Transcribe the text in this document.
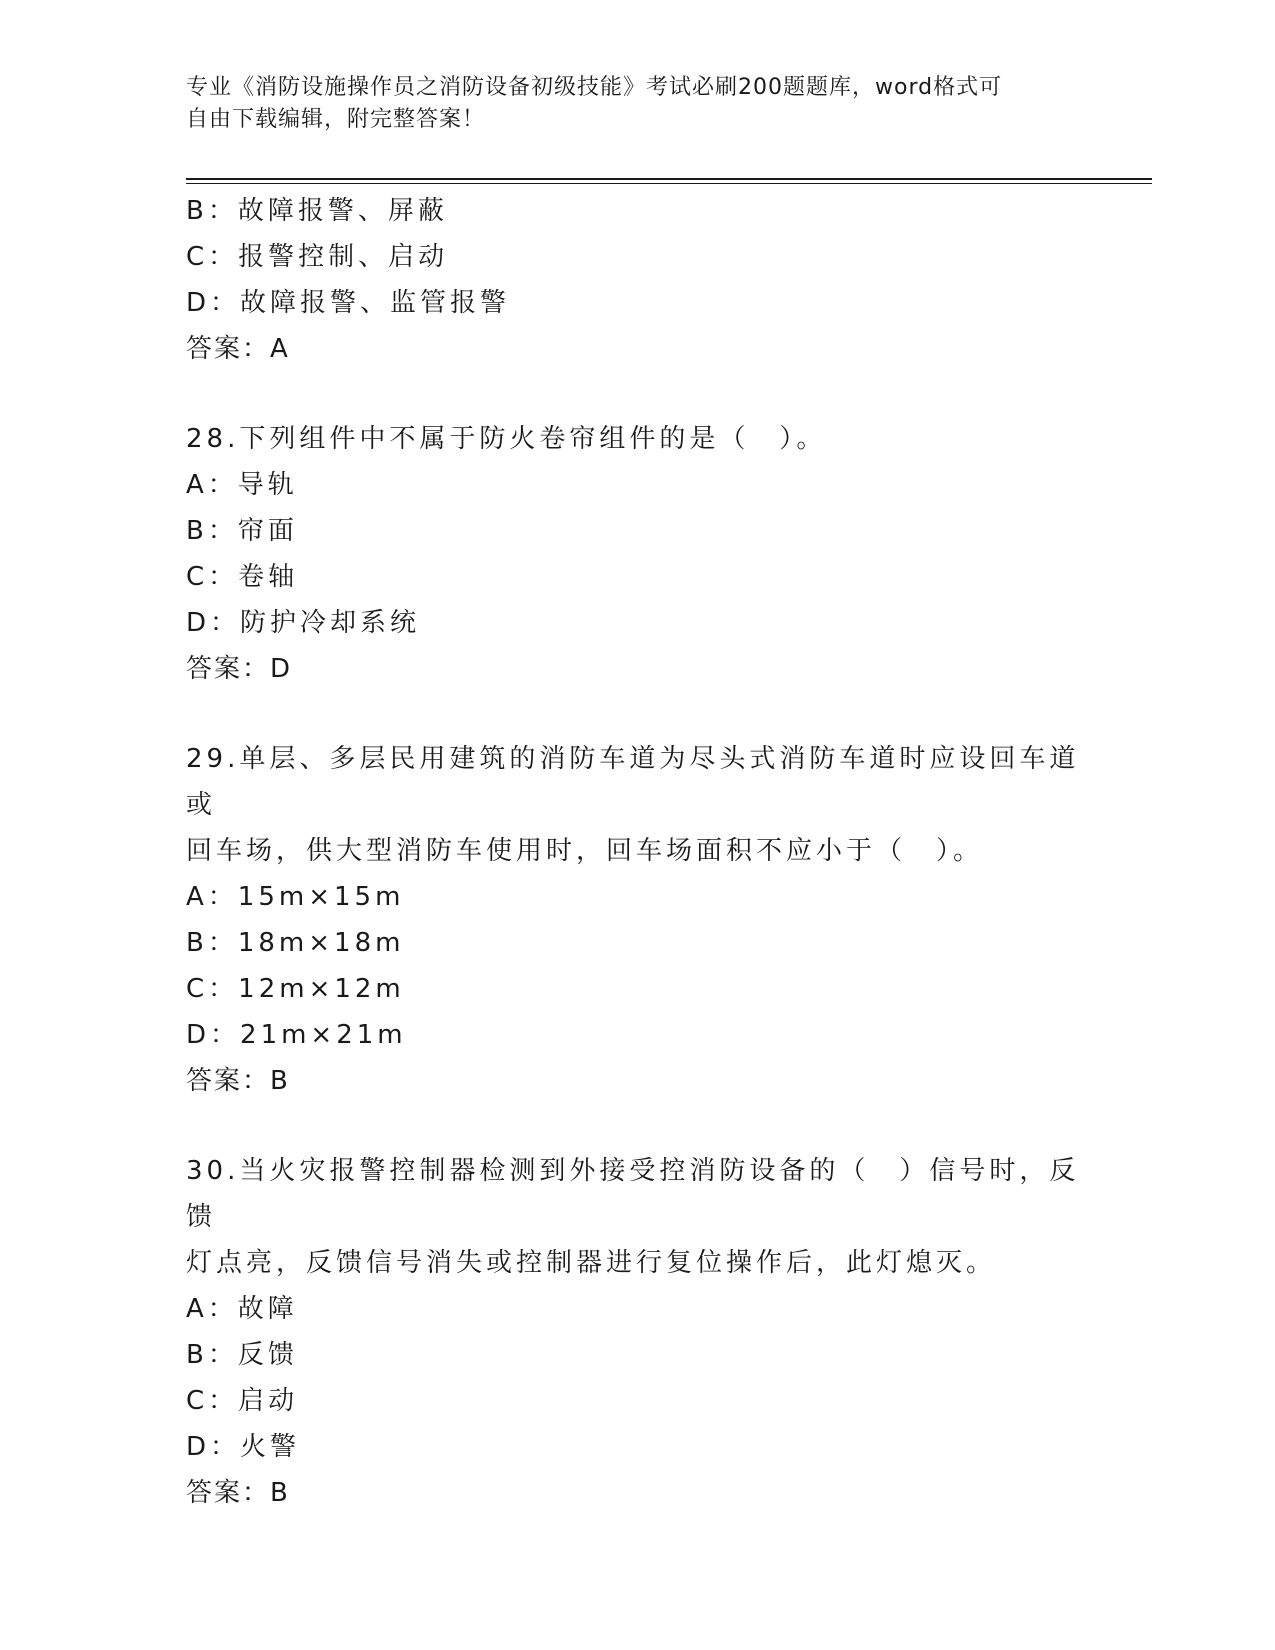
专业《消防设施操作员之消防设备初级技能》考试必刷200题题库，word格式可
自由下载编辑，附完整答案！
B：故障报警、屏蔽
C：报警控制、启动
D：故障报警、监管报警
答案：A
28.下列组件中不属于防火卷帘组件的是（　）。
A：导轨
B：帘面
C：卷轴
D：防护冷却系统
答案：D
29.单层、多层民用建筑的消防车道为尽头式消防车道时应设回车道或
回车场，供大型消防车使用时，回车场面积不应小于（　）。
A：15m×15m
B：18m×18m
C：12m×12m
D：21m×21m
答案：B
30.当火灾报警控制器检测到外接受控消防设备的（　）信号时，反馈
灯点亮，反馈信号消失或控制器进行复位操作后，此灯熄灭。
A：故障
B：反馈
C：启动
D：火警
答案：B
